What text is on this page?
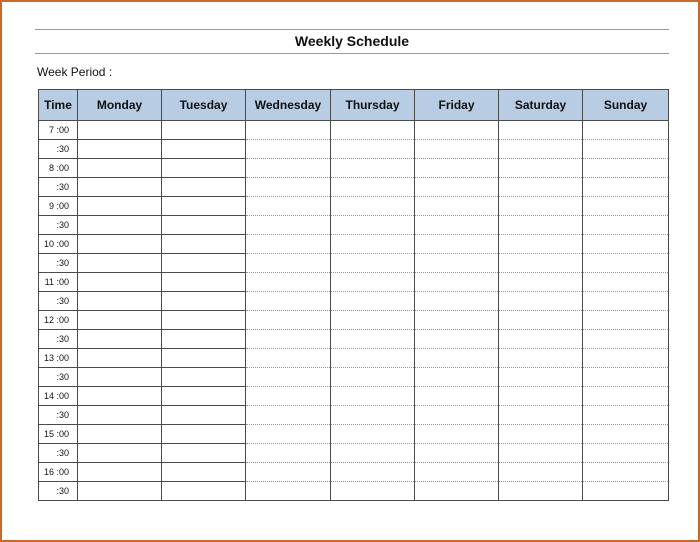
Weekly Schedule
Week Period :
Time	Monday	Tuesday	Wednesday	Thursday	Friday	Saturday	Sunday
7 :00							
:30							
8 :00							
:30							
9 :00							
:30							
10 :00							
:30							
11 :00							
:30							
12 :00							
:30							
13 :00							
:30							
14 :00							
:30							
15 :00							
:30							
16 :00							
:30							
